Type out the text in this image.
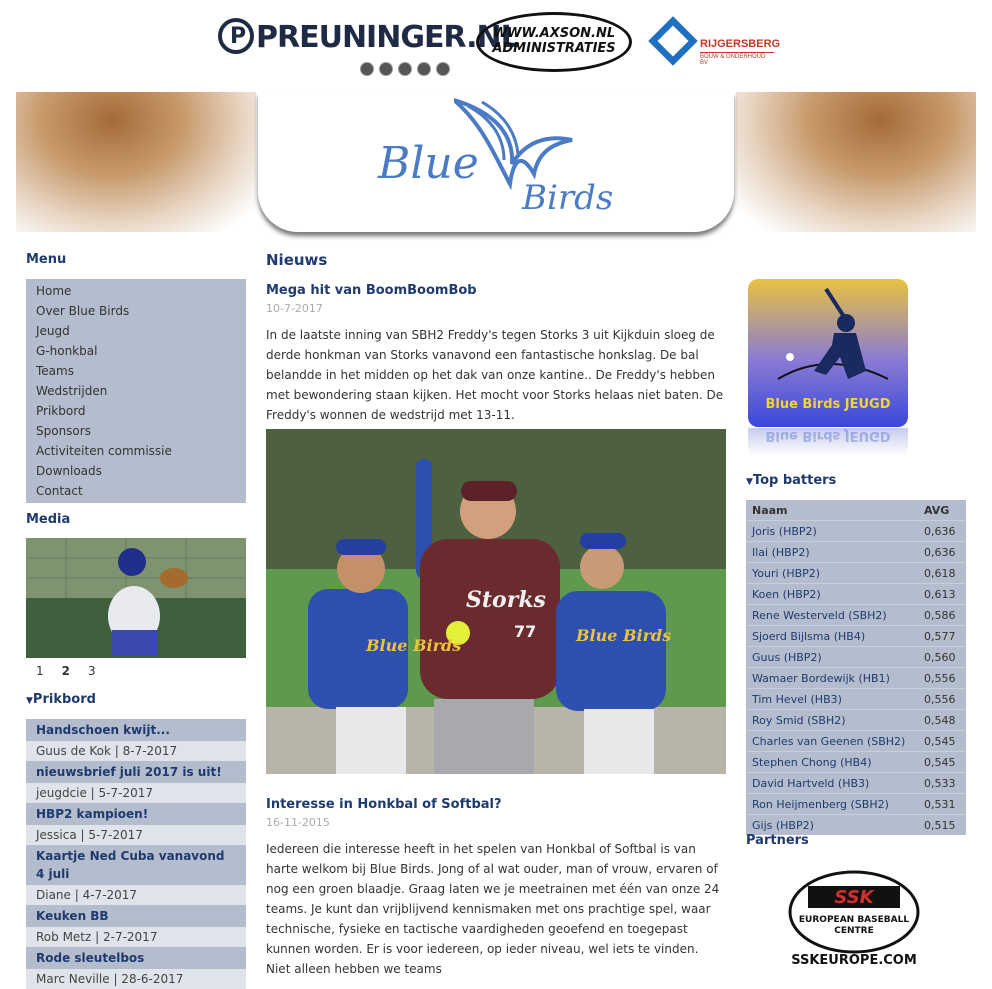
P PREUNINGER.NL
WWW.AXSON.NL
ADMINISTRATIES	RIJGERSBERG
BOUW & ONDERHOUD BV
Blue
Birds
Menu
Home
Over Blue Birds
Jeugd
G-honkbal
Teams
Wedstrijden
Prikbord
Sponsors
Activiteiten commissie
Downloads
Contact
Media
1 2 3
▼Prikbord
Handschoen kwijt...
Guus de Kok | 8-7-2017
nieuwsbrief juli 2017 is uit!
jeugdcie | 5-7-2017
HBP2 kampioen!
Jessica | 5-7-2017
Kaartje Ned Cuba vanavond 4 juli
Diane | 4-7-2017
Keuken BB
Rob Metz | 2-7-2017
Rode sleutelbos
Marc Neville | 28-6-2017
Nieuws
Mega hit van BoomBoomBob
10-7-2017
In de laatste inning van SBH2 Freddy's tegen Storks 3 uit Kijkduin sloeg de derde honkman van Storks vanavond een fantastische honkslag. De bal belandde in het midden op het dak van onze kantine.. De Freddy's hebben met bewondering staan kijken. Het mocht voor Storks helaas niet baten. De Freddy's wonnen de wedstrijd met 13-11.
Blue Birds
Storks
77 Blue Birds
Interesse in Honkbal of Softbal?
16-11-2015
Iedereen die interesse heeft in het spelen van Honkbal of Softbal is van harte welkom bij Blue Birds. Jong of al wat ouder, man of vrouw, ervaren of nog een groen blaadje. Graag laten we je meetrainen met één van onze 24 teams. Je kunt dan vrijblijvend kennismaken met ons prachtige spel, waar technische, fysieke en tactische vaardigheden geoefend en toegepast kunnen worden. Er is voor iedereen, op ieder niveau, wel iets te vinden. Niet alleen hebben we teams
Blue Birds JEUGD
Blue Birds JEUGD
▼Top batters
Naam	AVG
Joris (HBP2)	0,636
Ilai (HBP2)	0,636
Youri (HBP2)	0,618
Koen (HBP2)	0,613
Rene Westerveld (SBH2)	0,586
Sjoerd Bijlsma (HB4)	0,577
Guus (HBP2)	0,560
Wamaer Bordewijk (HB1)	0,556
Tim Hevel (HB3)	0,556
Roy Smid (SBH2)	0,548
Charles van Geenen (SBH2)	0,545
Stephen Chong (HB4)	0,545
David Hartveld (HB3)	0,533
Ron Heijmenberg (SBH2)	0,531
Gijs (HBP2)	0,515
Partners
SSK
EUROPEAN BASEBALL
CENTRE
SSKEUROPE.COM
